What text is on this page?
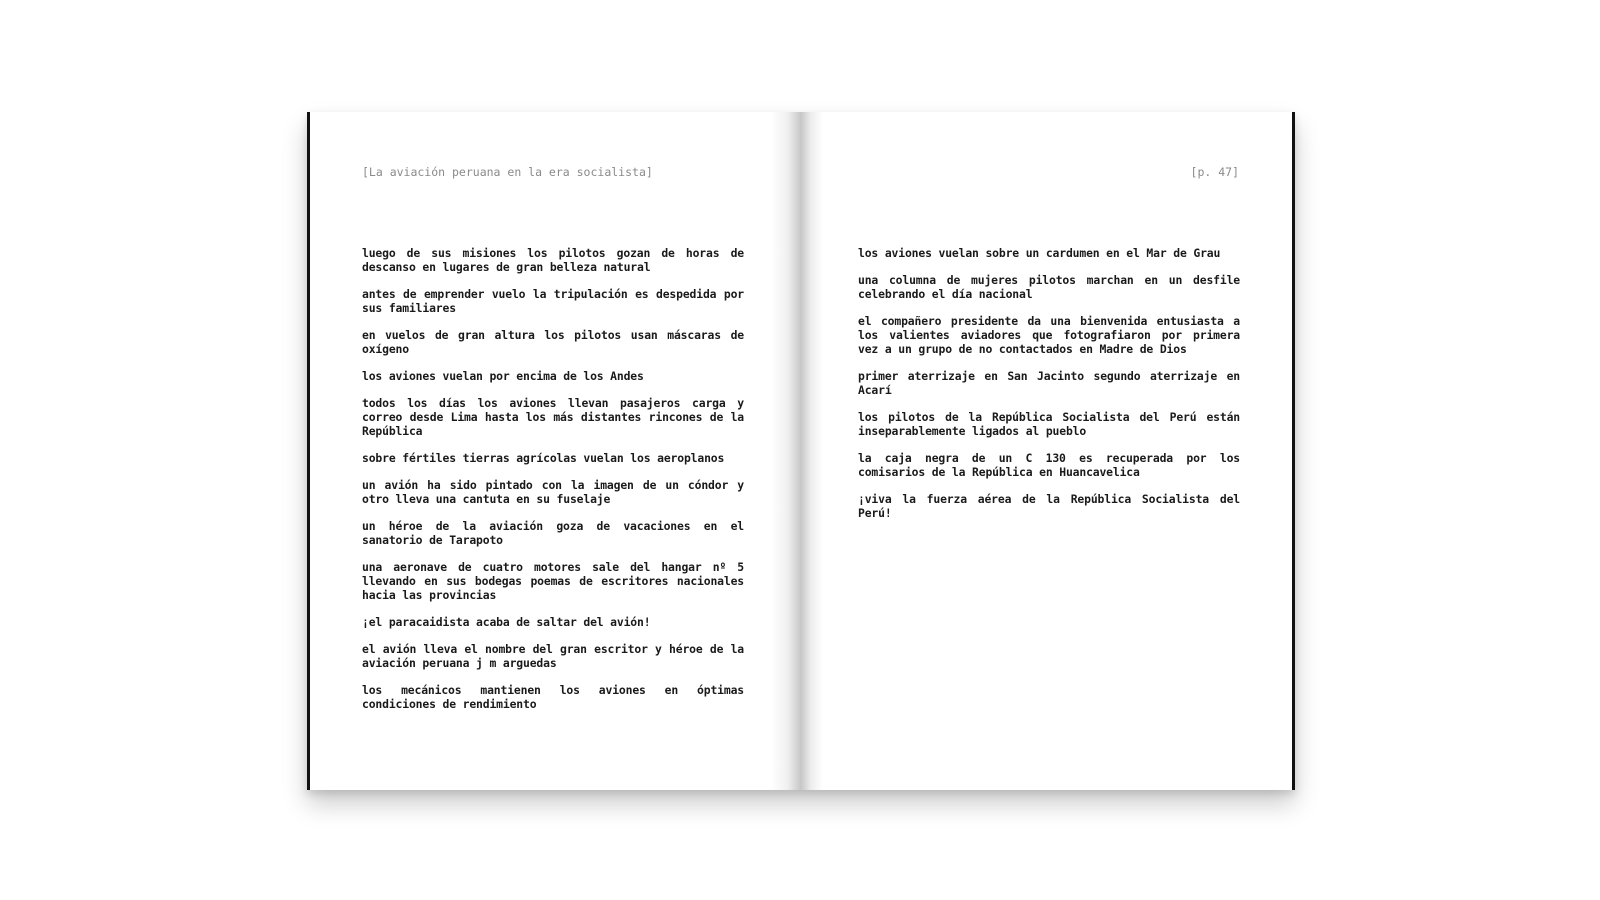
[La aviación peruana en la era socialista]

luego de sus misiones los pilotos gozan de horas de descanso en lugares de gran belleza natural

antes de emprender vuelo la tripulación es despedida por sus familiares

en vuelos de gran altura los pilotos usan máscaras de oxígeno

los aviones vuelan por encima de los Andes

todos los días los aviones llevan pasajeros carga y correo desde Lima hasta los más distantes rincones de la República

sobre fértiles tierras agrícolas vuelan los aeroplanos

un avión ha sido pintado con la imagen de un cóndor y otro lleva una cantuta en su fuselaje

un héroe de la aviación goza de vacaciones en el sanatorio de Tarapoto

una aeronave de cuatro motores sale del hangar nº 5 llevando en sus bodegas poemas de escritores nacionales hacia las provincias

¡el paracaidista acaba de saltar del avión!

el avión lleva el nombre del gran escritor y héroe de la aviación peruana j m arguedas

los mecánicos mantienen los aviones en óptimas condiciones de rendimiento

[p. 47]

los aviones vuelan sobre un cardumen en el Mar de Grau

una columna de mujeres pilotos marchan en un desfile celebrando el día nacional

el compañero presidente da una bienvenida entusiasta a los valientes aviadores que fotografiaron por primera vez a un grupo de no contactados en Madre de Dios

primer aterrizaje en San Jacinto segundo aterrizaje en Acarí

los pilotos de la República Socialista del Perú están inseparablemente ligados al pueblo

la caja negra de un C 130 es recuperada por los comisarios de la República en Huancavelica

¡viva la fuerza aérea de la República Socialista del Perú!
